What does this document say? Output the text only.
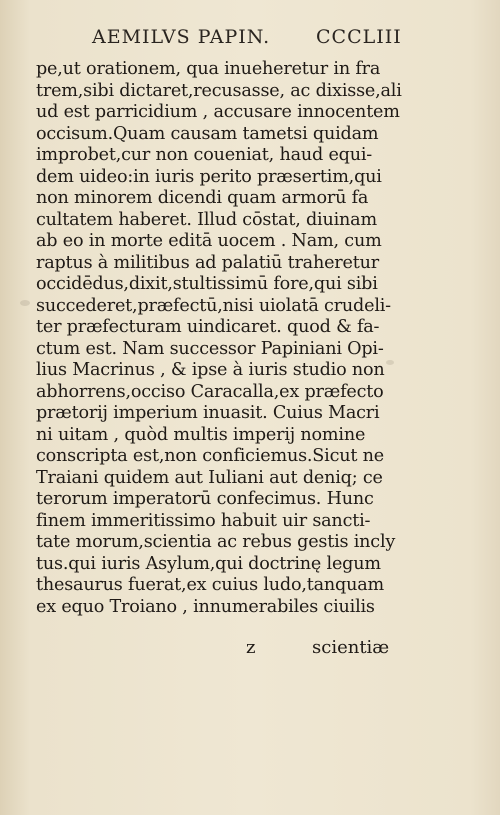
AEMILVS PAPIN. CCCLIII
pe,ut orationem, qua inueheretur in fra
trem,sibi dictaret,recusasse, ac dixisse,ali
ud est parricidium , accusare innocentem
occisum.Quam causam tametsi quidam
improbet,cur non coueniat, haud equi-
dem uideo:in iuris perito præsertim,qui
non minorem dicendi quam armorū fa
cultatem haberet. Illud cōstat, diuinam
ab eo in morte editā uocem . Nam, cum
raptus à militibus ad palatiū traheretur
occidēdus,dixit,stultissimū fore,qui sibi
succederet,præfectū,nisi uiolatā crudeli-
ter præfecturam uindicaret. quod & fa-
ctum est. Nam successor Papiniani Opi-
lius Macrinus , & ipse à iuris studio non
abhorrens,occiso Caracalla,ex præfecto
prætorij imperium inuasit. Cuius Macri
ni uitam , quòd multis imperij nomine
conscripta est,non conficiemus.Sicut ne
Traiani quidem aut Iuliani aut deniq; ce
terorum imperatorū confecimus. Hunc
finem immeritissimo habuit uir sancti-
tate morum,scientia ac rebus gestis incly
tus.qui iuris Asylum,qui doctrinę legum
thesaurus fuerat,ex cuius ludo,tanquam
ex equo Troiano , innumerabiles ciuilis
z	scientiæ
